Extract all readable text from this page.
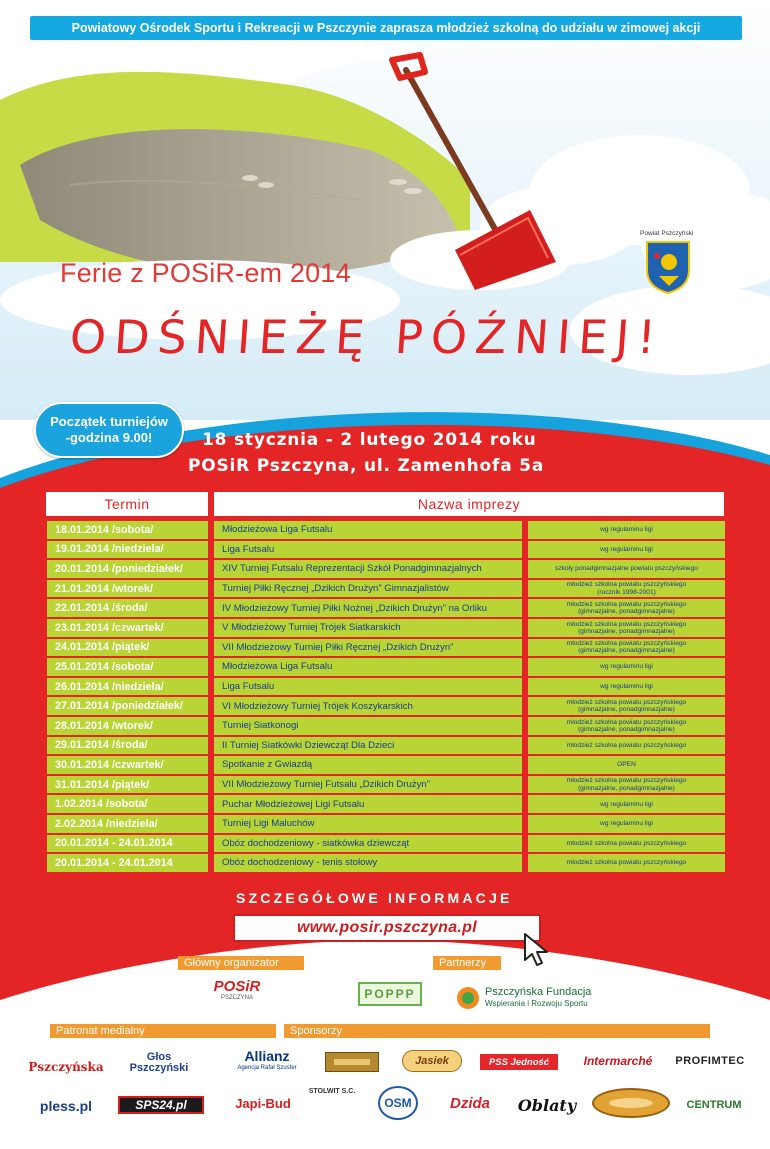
Powiatowy Ośrodek Sportu i Rekreacji w Pszczynie zaprasza młodzież szkolną do udziału w zimowej akcji
Ferie z POSiR-em 2014
ODŚNIEŻĘ PÓŹNIEJ!
Powiat Pszczyński
Początek turniejów
-godzina 9.00!	18 stycznia - 2 lutego 2014 roku
POSiR Pszczyna, ul. Zamenhofa 5a
Termin	Nazwa imprezy
18.01.2014 /sobota/	Młodzieżowa Liga Futsalu	wg regulaminu ligi
19.01.2014 /niedziela/	Liga Futsalu	wg regulaminu ligi
20.01.2014 /poniedziałek/	XIV Turniej Futsalu Reprezentacji Szkół Ponadgimnazjalnych	szkoły ponadgimnazjalne powiatu pszczyńskiego
21.01.2014 /wtorek/	Turniej Piłki Ręcznej „Dzikich Drużyn” Gimnazjalistów	młodzież szkolna powiatu pszczyńskiego
(rocznik 1998-2001)
22.01.2014 /środa/	IV Młodzieżowy Turniej Piłki Nożnej „Dzikich Drużyn” na Orliku	młodzież szkolna powiatu pszczyńskiego
(gimnazjalne, ponadgimnazjalne)
23.01.2014 /czwartek/	V Młodzieżowy Turniej Trójek Siatkarskich	młodzież szkolna powiatu pszczyńskiego
(gimnazjalne, ponadgimnazjalne)
24.01.2014 /piątek/	VII Młodzieżowy Turniej Piłki Ręcznej „Dzikich Drużyn”	młodzież szkolna powiatu pszczyńskiego
(gimnazjalne, ponadgimnazjalne)
25.01.2014 /sobota/	Młodzieżowa Liga Futsalu	wg regulaminu ligi
26.01.2014 /niedziela/	Liga Futsalu	wg regulaminu ligi
27.01.2014 /poniedziałek/	VI Młodzieżowy Turniej Trójek Koszykarskich	młodzież szkolna powiatu pszczyńskiego
(gimnazjalne, ponadgimnazjalne)
28.01.2014 /wtorek/	Turniej Siatkonogi	młodzież szkolna powiatu pszczyńskiego
(gimnazjalne, ponadgimnazjalne)
29.01.2014 /środa/	II Turniej Siatkówki Dziewcząt Dla Dzieci	młodzież szkolna powiatu pszczyńskiego
30.01.2014 /czwartek/	Spotkanie z Gwiazdą	OPEN
31.01.2014 /piątek/	VII Młodzieżowy Turniej Futsalu „Dzikich Drużyn”	młodzież szkolna powiatu pszczyńskiego
(gimnazjalne, ponadgimnazjalne)
1.02.2014 /sobota/	Puchar Młodzieżowej Ligi Futsalu	wg regulaminu ligi
2.02.2014 /niedziela/	Turniej Ligi Maluchów	wg regulaminu ligi
20.01.2014 - 24.01.2014	Obóz dochodzeniowy - siatkówka dziewcząt	młodzież szkolna powiatu pszczyńskiego
20.01.2014 - 24.01.2014	Obóz dochodzeniowy - tenis stołowy	młodzież szkolna powiatu pszczyńskiego
SZCZEGÓŁOWE INFORMACJE
www.posir.pszczyna.pl
Główny organizator	Partnerzy
Patronat medialny	Sponsorzy
POSiR
PSZCZYNA	POPPP	Pszczyńska Fundacja
Wspierania i Rozwoju Sportu
Pszczyńska
Głos
Pszczyński
Allianz
Agencja Rafał Szuster
Jasiek	PSS Jedność	Intermarché PROFIMTEC
pless.pl	SPS24.pl	Japi-Bud
STOLWIT S.C.
OSM	Dzidа Oblaty	CENTRUM
